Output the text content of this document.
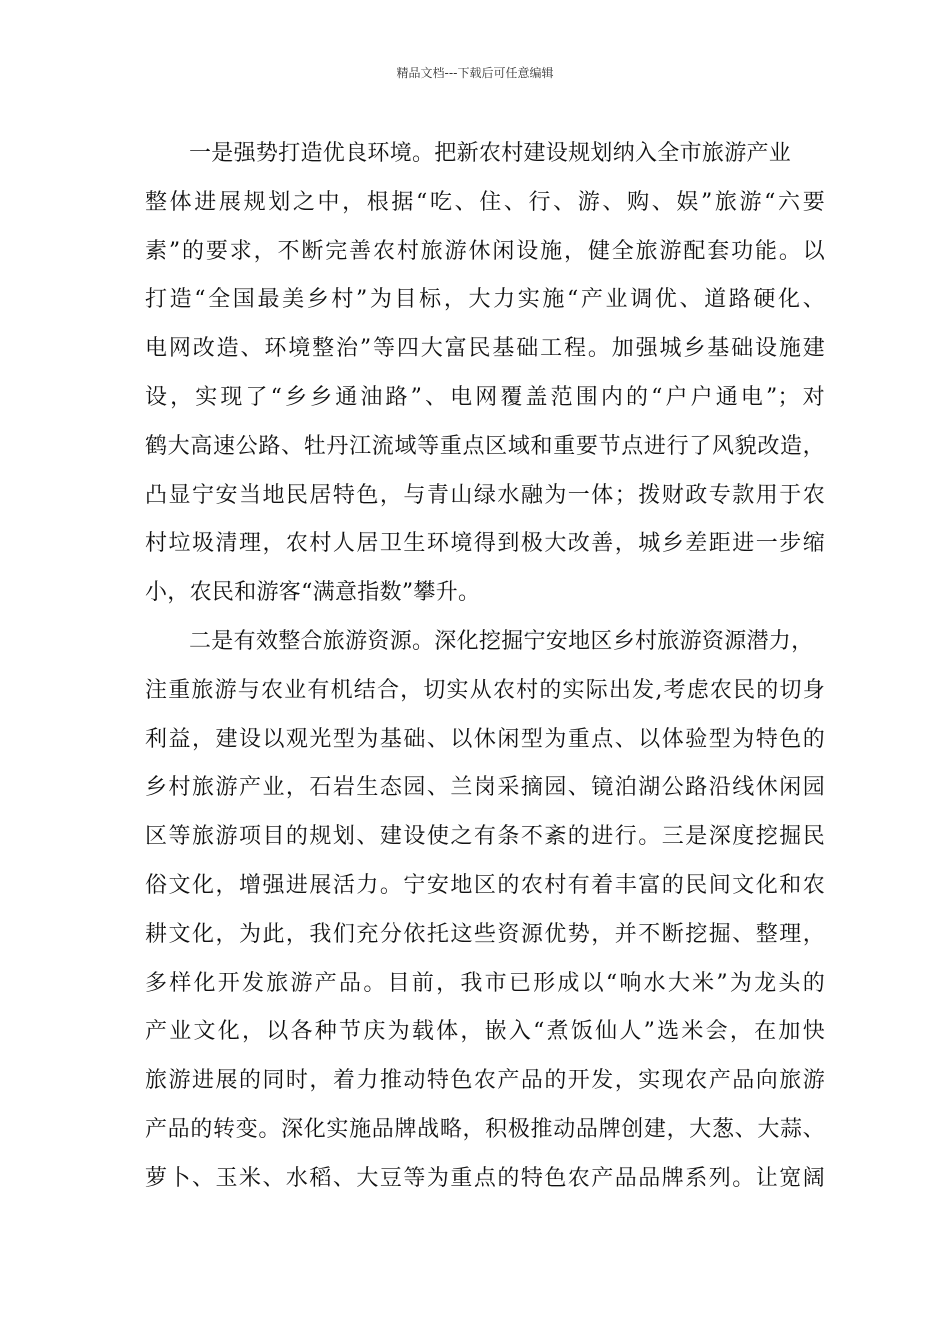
精品文档---下载后可任意编辑
一是强势打造优良环境。把新农村建设规划纳入全市旅游产业
整体进展规划之中，根据“吃、住、行、游、购、娱”旅游“六要
素”的要求，不断完善农村旅游休闲设施，健全旅游配套功能。以
打造“全国最美乡村”为目标，大力实施“产业调优、道路硬化、
电网改造、环境整治”等四大富民基础工程。加强城乡基础设施建
设，实现了“乡乡通油路”、电网覆盖范围内的“户户通电”；对
鹤大高速公路、牡丹江流域等重点区域和重要节点进行了风貌改造，
凸显宁安当地民居特色，与青山绿水融为一体；拨财政专款用于农
村垃圾清理，农村人居卫生环境得到极大改善，城乡差距进一步缩
小，农民和游客“满意指数”攀升。
二是有效整合旅游资源。深化挖掘宁安地区乡村旅游资源潜力，
注重旅游与农业有机结合，切实从农村的实际出发,考虑农民的切身
利益，建设以观光型为基础、以休闲型为重点、以体验型为特色的
乡村旅游产业，石岩生态园、兰岗采摘园、镜泊湖公路沿线休闲园
区等旅游项目的规划、建设使之有条不紊的进行。三是深度挖掘民
俗文化，增强进展活力。宁安地区的农村有着丰富的民间文化和农
耕文化，为此，我们充分依托这些资源优势，并不断挖掘、整理，
多样化开发旅游产品。目前，我市已形成以“响水大米”为龙头的
产业文化，以各种节庆为载体，嵌入“煮饭仙人”选米会，在加快
旅游进展的同时，着力推动特色农产品的开发，实现农产品向旅游
产品的转变。深化实施品牌战略，积极推动品牌创建，大葱、大蒜、
萝卜、玉米、水稻、大豆等为重点的特色农产品品牌系列。让宽阔
